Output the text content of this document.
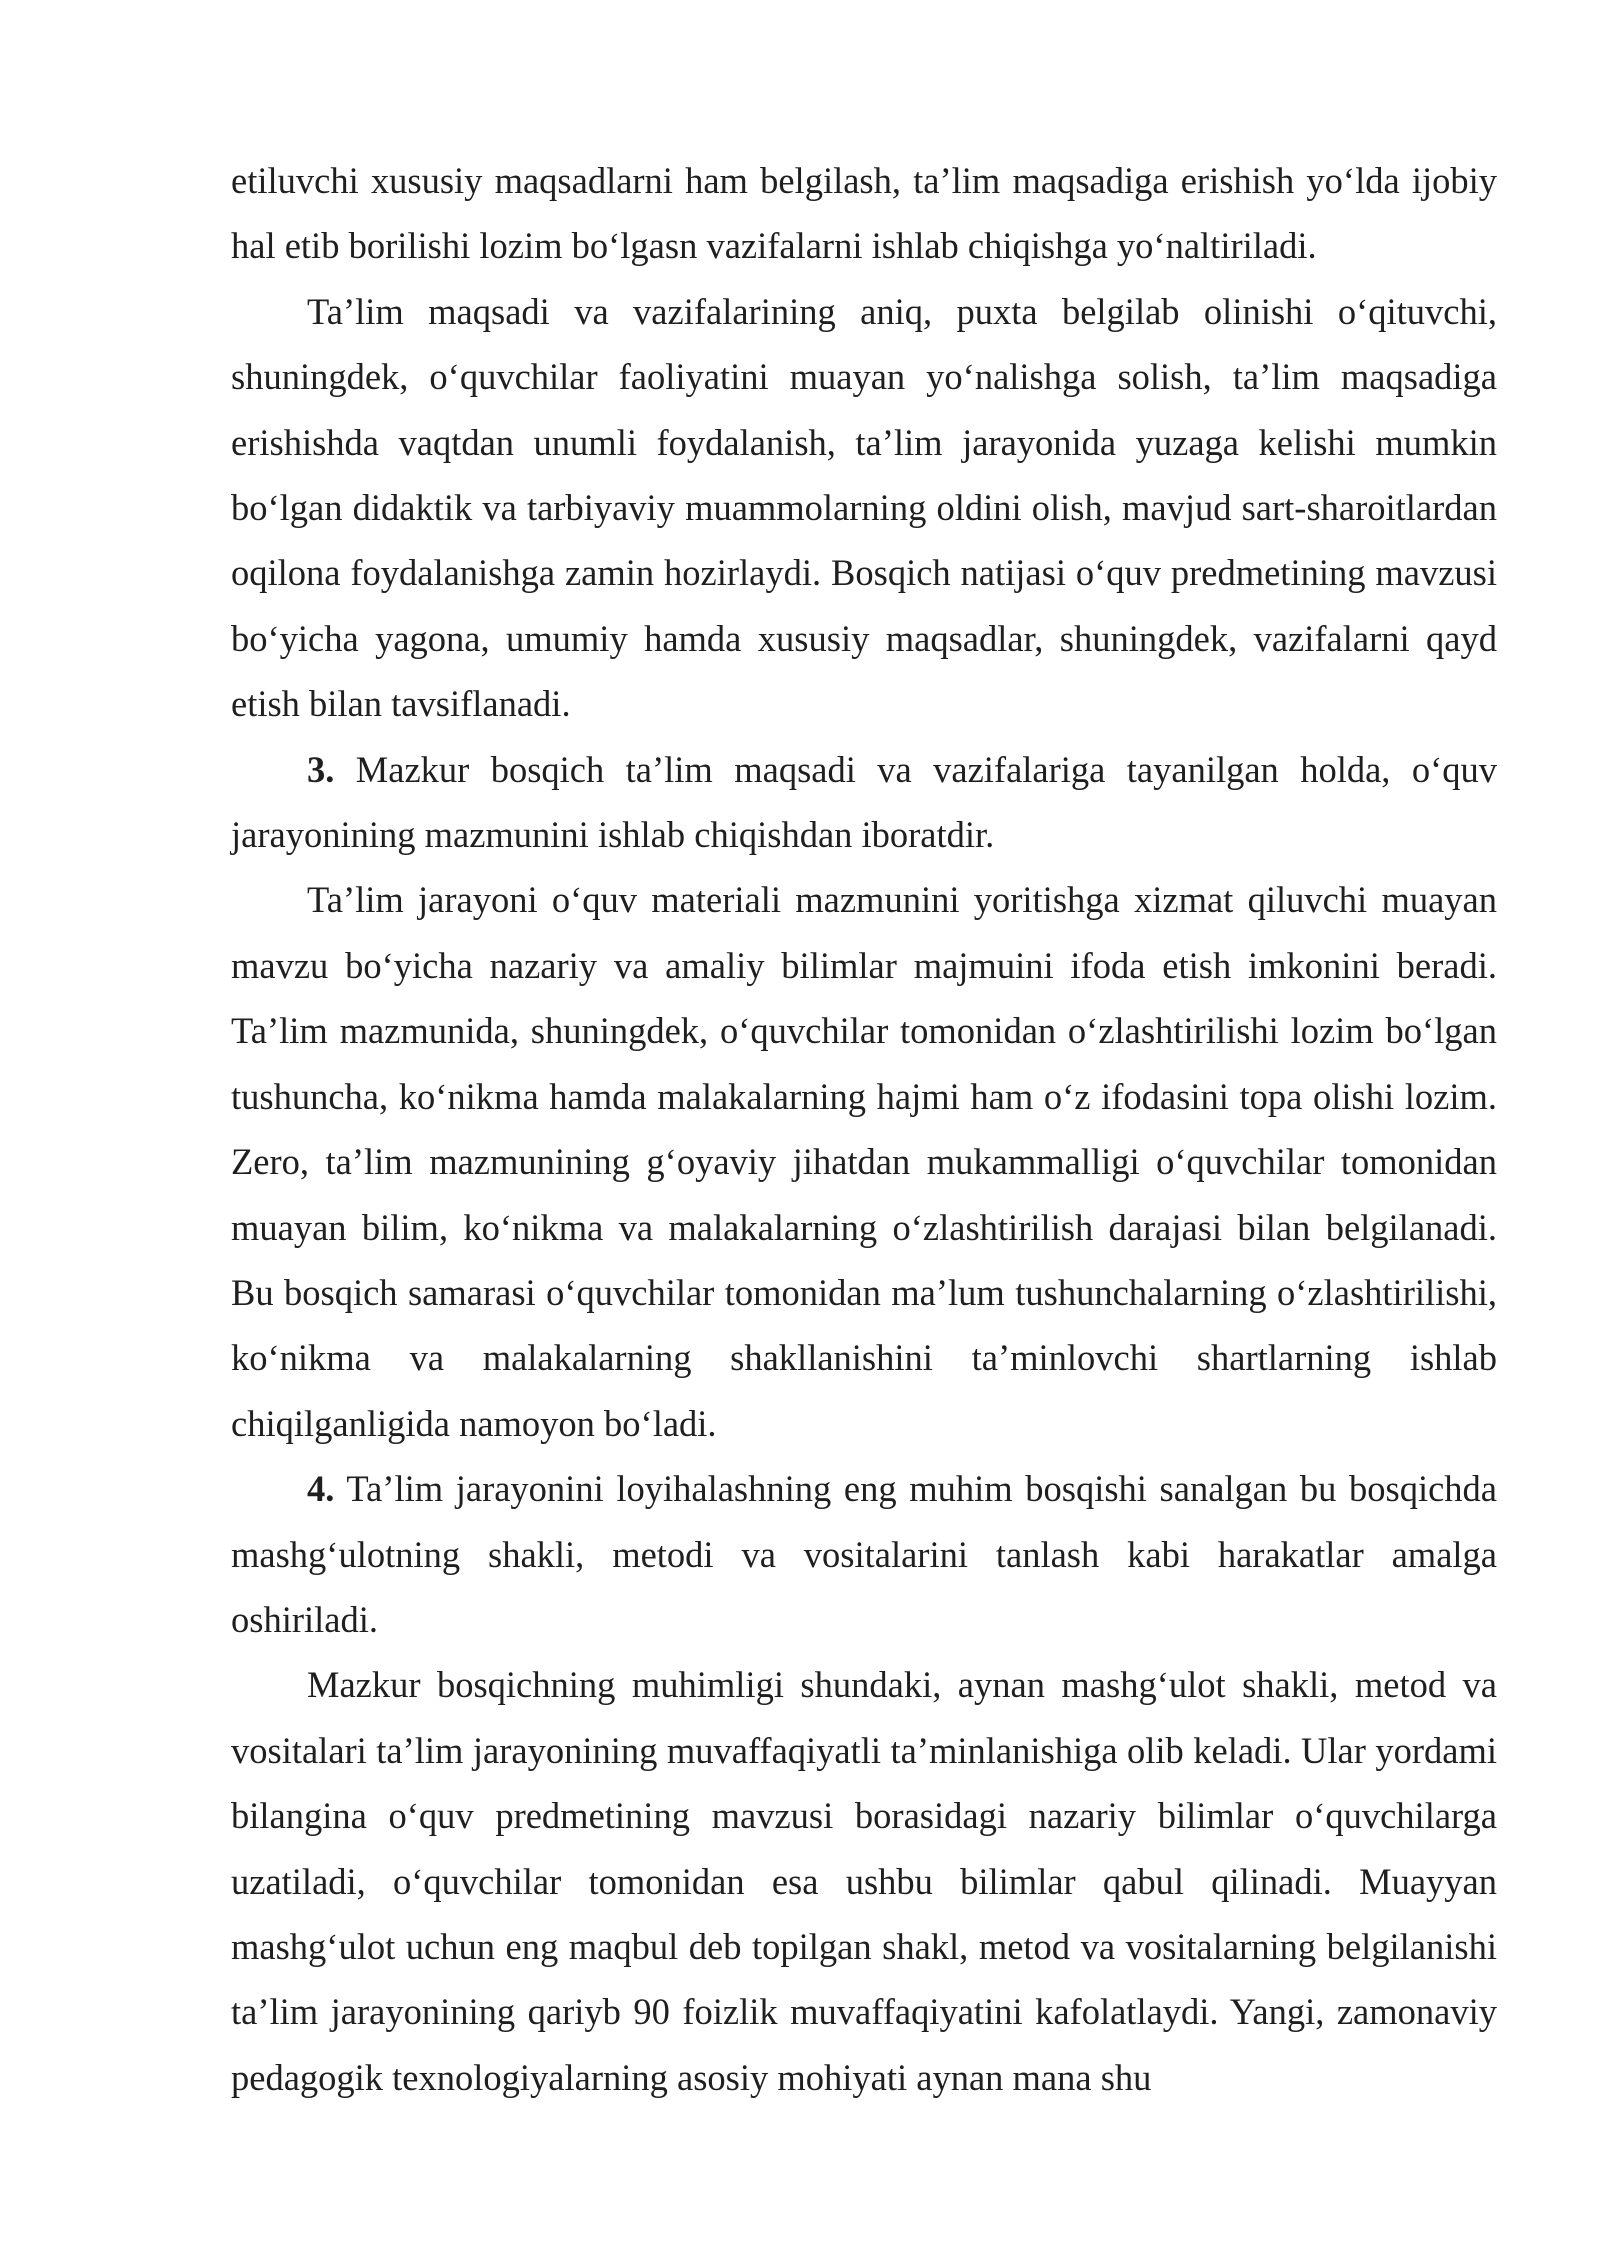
etiluvchi xususiy maqsadlarni ham belgilash, ta’lim maqsadiga erishish yo‘lda ijobiy hal etib borilishi lozim bo‘lgasn vazifalarni ishlab chiqishga yo‘naltiriladi.

Ta’lim maqsadi va vazifalarining aniq, puxta belgilab olinishi o‘qituvchi, shuningdek, o‘quvchilar faoliyatini muayan yo‘nalishga solish, ta’lim maqsadiga erishishda vaqtdan unumli foydalanish, ta’lim jarayonida yuzaga kelishi mumkin bo‘lgan didaktik va tarbiyaviy muammolarning oldini olish, mavjud sart-sharoitlardan oqilona foydalanishga zamin hozirlaydi. Bosqich natijasi o‘quv predmetining mavzusi bo‘yicha yagona, umumiy hamda xususiy maqsadlar, shuningdek, vazifalarni qayd etish bilan tavsiflanadi.

3. Mazkur bosqich ta’lim maqsadi va vazifalariga tayanilgan holda, o‘quv jarayonining mazmunini ishlab chiqishdan iboratdir.

Ta’lim jarayoni o‘quv materiali mazmunini yoritishga xizmat qiluvchi muayan mavzu bo‘yicha nazariy va amaliy bilimlar majmuini ifoda etish imkonini beradi. Ta’lim mazmunida, shuningdek, o‘quvchilar tomonidan o‘zlashtirilishi lozim bo‘lgan tushuncha, ko‘nikma hamda malakalarning hajmi ham o‘z ifodasini topa olishi lozim. Zero, ta’lim mazmunining g‘oyaviy jihatdan mukammalligi o‘quvchilar tomonidan muayan bilim, ko‘nikma va malakalarning o‘zlashtirilish darajasi bilan belgilanadi. Bu bosqich samarasi o‘quvchilar tomonidan ma’lum tushunchalarning o‘zlashtirilishi, ko‘nikma va malakalarning shakllanishini ta’minlovchi shartlarning ishlab chiqilganligida namoyon bo‘ladi.

4. Ta’lim jarayonini loyihalashning eng muhim bosqishi sanalgan bu bosqichda mashg‘ulotning shakli, metodi va vositalarini tanlash kabi harakatlar amalga oshiriladi.

Mazkur bosqichning muhimligi shundaki, aynan mashg‘ulot shakli, metod va vositalari ta’lim jarayonining muvaffaqiyatli ta’minlanishiga olib keladi. Ular yordami bilangina o‘quv predmetining mavzusi borasidagi nazariy bilimlar o‘quvchilarga uzatiladi, o‘quvchilar tomonidan esa ushbu bilimlar qabul qilinadi. Muayyan mashg‘ulot uchun eng maqbul deb topilgan shakl, metod va vositalarning belgilanishi ta’lim jarayonining qariyb 90 foizlik muvaffaqiyatini kafolatlaydi. Yangi, zamonaviy pedagogik texnologiyalarning asosiy mohiyati aynan mana shu
